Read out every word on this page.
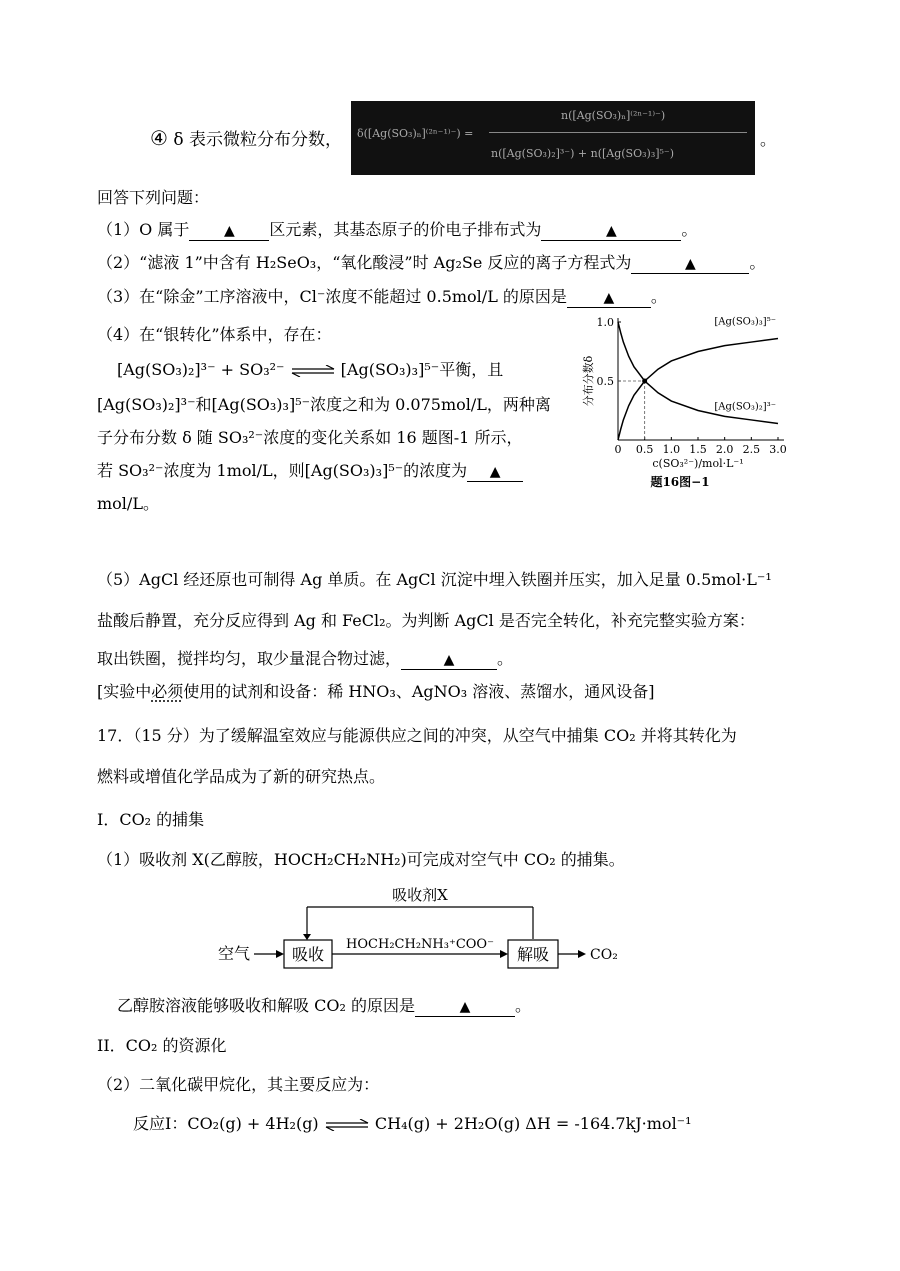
④ δ 表示微粒分布分数， δ([Ag(SO₃)ₙ]⁽²ⁿ⁻¹⁾⁻) =
n([Ag(SO₃)ₙ]⁽²ⁿ⁻¹⁾⁻)
n([Ag(SO₃)₂]³⁻) + n([Ag(SO₃)₃]⁵⁻)
。
回答下列问题：
（1）O 属于 ▲ 区元素，其基态原子的价电子排布式为	▲	。
（2）“滤液 1”中含有 H₂SeO₃，“氧化酸浸”时 Ag₂Se 反应的离子方程式为	▲	。
（3）在“除金”工序溶液中，Cl⁻浓度不能超过 0.5mol/L 的原因是	▲ 。
（4）在“银转化”体系中，存在：
[Ag(SO₃)₂]³⁻ + SO₃²⁻ ⇌ [Ag(SO₃)₃]⁵⁻平衡，且
[Ag(SO₃)₂]³⁻和[Ag(SO₃)₃]⁵⁻浓度之和为 0.075mol/L，两种离
子分布分数 δ 随 SO₃²⁻浓度的变化关系如 16 题图-1 所示，
若 SO₃²⁻浓度为 1mol/L，则[Ag(SO₃)₃]⁵⁻的浓度为 ▲
mol/L。
0 0.5 1.0 1.5 2.0 2.5 3.0
0.5
1.0
c(SO₃²⁻)/mol·L⁻¹
分布分数δ
题16图−1
[Ag(SO₃)₃]⁵⁻
[Ag(SO₃)₂]³⁻
（5）AgCl 经还原也可制得 Ag 单质。在 AgCl 沉淀中埋入铁圈并压实，加入足量 0.5mol·L⁻¹
盐酸后静置，充分反应得到 Ag 和 FeCl₂。为判断 AgCl 是否完全转化，补充完整实验方案：
取出铁圈，搅拌均匀，取少量混合物过滤，	▲	。
[实验中必须使用的试剂和设备：稀 HNO₃、AgNO₃ 溶液、蒸馏水，通风设备]
17．（15 分）为了缓解温室效应与能源供应之间的冲突，从空气中捕集 CO₂ 并将其转化为
燃料或增值化学品成为了新的研究热点。
I．CO₂ 的捕集
（1）吸收剂 X(乙醇胺，HOCH₂CH₂NH₂)可完成对空气中 CO₂ 的捕集。
吸收剂X
空气	吸收
HOCH₂CH₂NH₃⁺COO⁻
解吸	CO₂
乙醇胺溶液能够吸收和解吸 CO₂ 的原因是	▲	。
II．CO₂ 的资源化
（2）二氧化碳甲烷化，其主要反应为：
反应I：CO₂(g) + 4H₂(g) ⇌ CH₄(g) + 2H₂O(g) ΔH = -164.7kJ·mol⁻¹
